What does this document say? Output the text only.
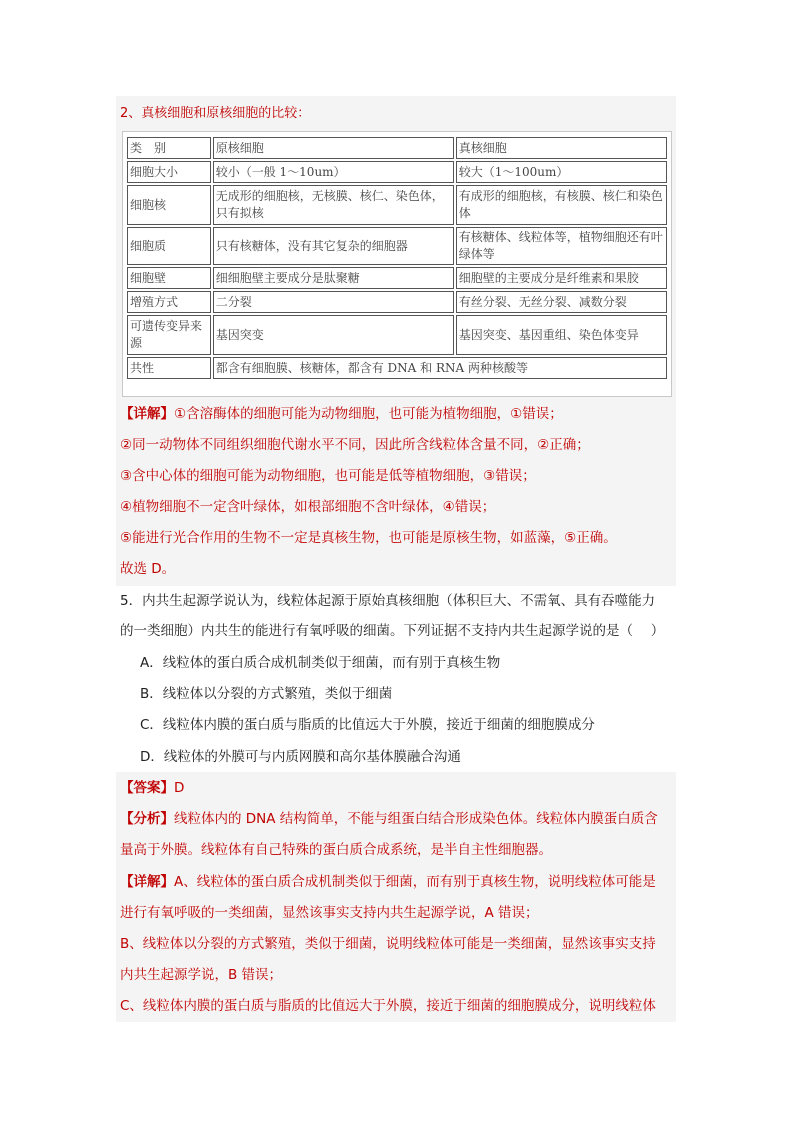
2、真核细胞和原核细胞的比较：
类　别	原核细胞	真核细胞
细胞大小	较小（一般 1～10um）	较大（1～100um）
细胞核	无成形的细胞核，无核膜、核仁、染色体，只有拟核	有成形的细胞核，有核膜、核仁和染色体
细胞质	只有核糖体，没有其它复杂的细胞器	有核糖体、线粒体等，植物细胞还有叶绿体等
细胞壁	细细胞壁主要成分是肽聚糖	细胞壁的主要成分是纤维素和果胶
增殖方式	二分裂	有丝分裂、无丝分裂、减数分裂
可遗传变异来源	基因突变	基因突变、基因重组、染色体变异
共性	都含有细胞膜、核糖体，都含有 DNA 和 RNA 两种核酸等	
【详解】①含溶酶体的细胞可能为动物细胞，也可能为植物细胞，①错误；
②同一动物体不同组织细胞代谢水平不同，因此所含线粒体含量不同，②正确；
③含中心体的细胞可能为动物细胞，也可能是低等植物细胞，③错误；
④植物细胞不一定含叶绿体，如根部细胞不含叶绿体，④错误；
⑤能进行光合作用的生物不一定是真核生物，也可能是原核生物，如蓝藻，⑤正确。
故选 D。
5．内共生起源学说认为，线粒体起源于原始真核细胞（体积巨大、不需氧、具有吞噬能力
的一类细胞）内共生的能进行有氧呼吸的细菌。下列证据不支持内共生起源学说的是（　 ）
A．线粒体的蛋白质合成机制类似于细菌，而有别于真核生物
B．线粒体以分裂的方式繁殖，类似于细菌
C．线粒体内膜的蛋白质与脂质的比值远大于外膜，接近于细菌的细胞膜成分
D．线粒体的外膜可与内质网膜和高尔基体膜融合沟通
【答案】D
【分析】线粒体内的 DNA 结构简单，不能与组蛋白结合形成染色体。线粒体内膜蛋白质含
量高于外膜。线粒体有自己特殊的蛋白质合成系统，是半自主性细胞器。
【详解】A、线粒体的蛋白质合成机制类似于细菌，而有别于真核生物，说明线粒体可能是
进行有氧呼吸的一类细菌，显然该事实支持内共生起源学说，A 错误；
B、线粒体以分裂的方式繁殖，类似于细菌，说明线粒体可能是一类细菌，显然该事实支持
内共生起源学说，B 错误；
C、线粒体内膜的蛋白质与脂质的比值远大于外膜，接近于细菌的细胞膜成分，说明线粒体
